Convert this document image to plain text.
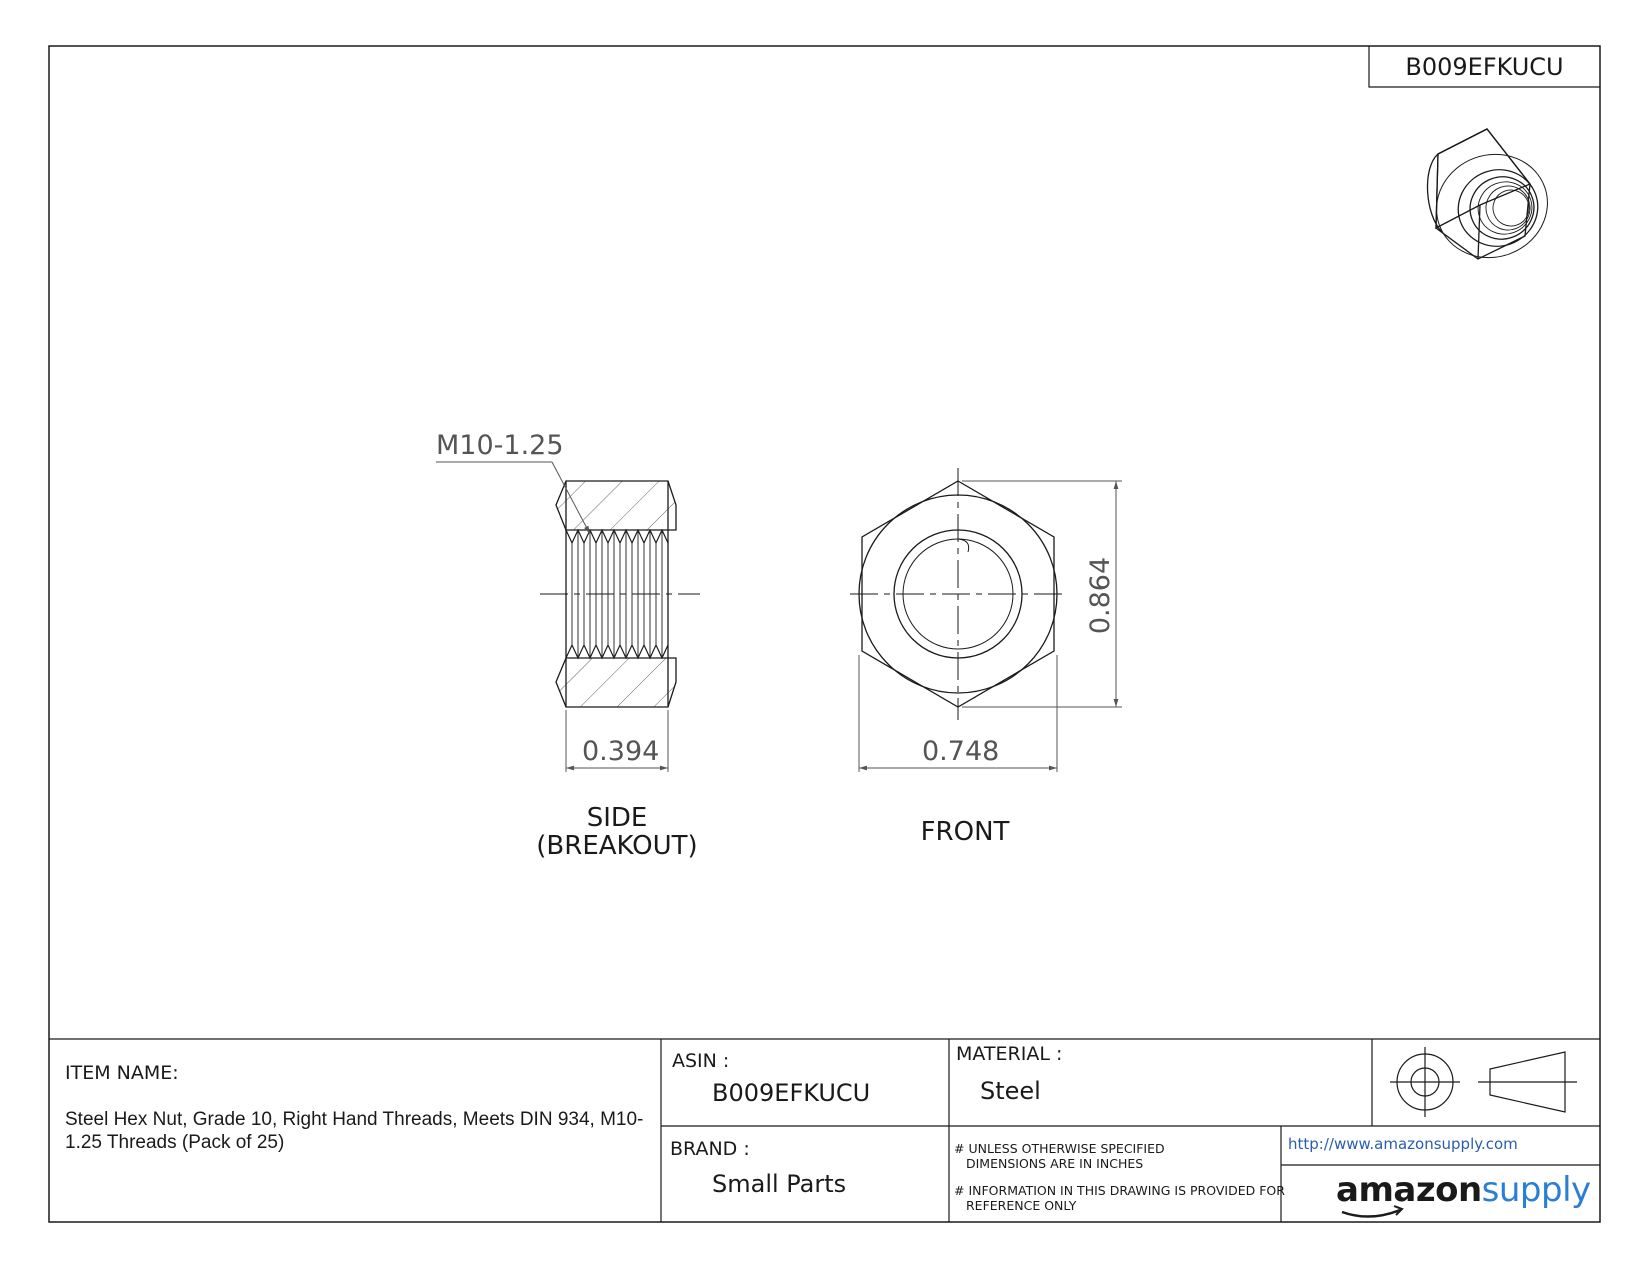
B009EFKUCU
M10-1.25
0.394
SIDE
(BREAKOUT)
0.748
0.864
FRONT
ITEM NAME:
Steel Hex Nut, Grade 10, Right Hand Threads, Meets DIN 934, M10-1.25 Threads (Pack of 25)
ASIN :
B009EFKUCU
BRAND :
Small Parts
MATERIAL :
Steel
# UNLESS OTHERWISE SPECIFIED
DIMENSIONS ARE IN INCHES
# INFORMATION IN THIS DRAWING IS PROVIDED FOR
REFERENCE ONLY
http://www.amazonsupply.com
amazonsupply
